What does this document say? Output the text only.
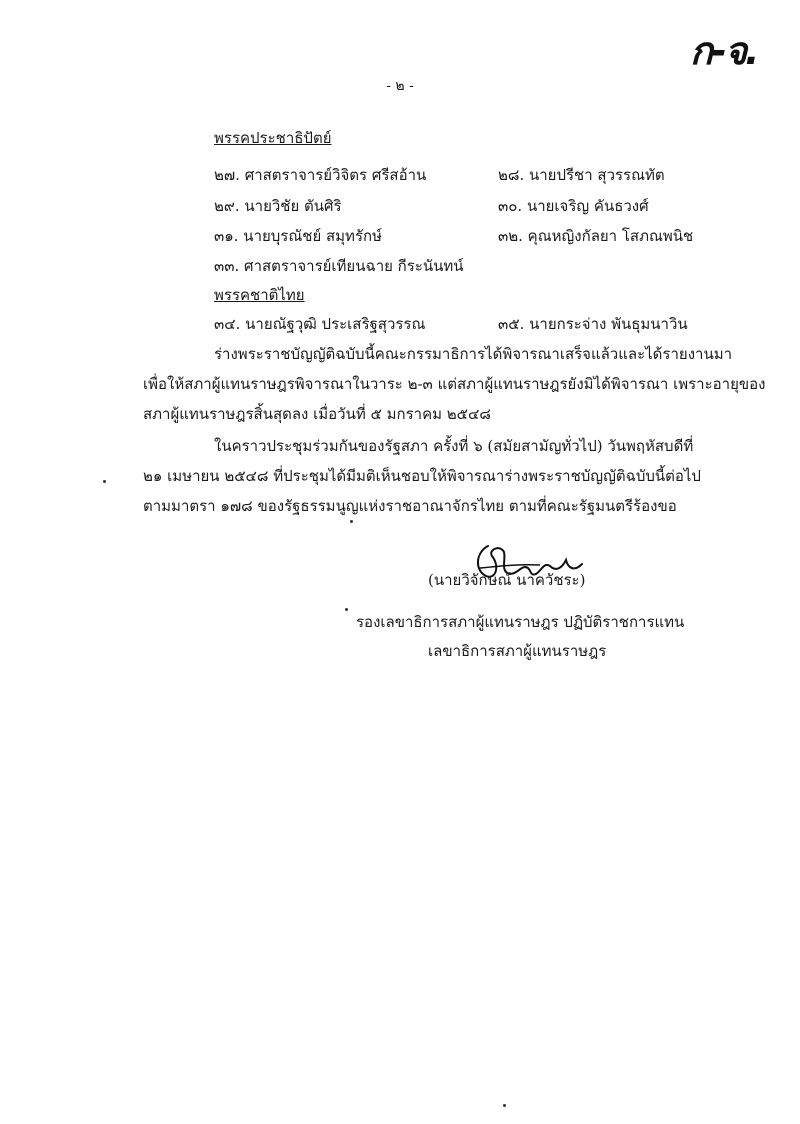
ก-จ.
- ๒ -
พรรคประชาธิปัตย์
๒๗. ศาสตราจารย์วิจิตร ศรีสอ้าน	๒๘. นายปรีชา สุวรรณทัต
๒๙. นายวิชัย ตันศิริ	๓๐. นายเจริญ คันธวงศ์
๓๑. นายบุรณัชย์ สมุทรักษ์	๓๒. คุณหญิงกัลยา โสภณพนิช
๓๓. ศาสตราจารย์เทียนฉาย กีระนันทน์
พรรคชาติไทย
๓๔. นายณัฐวุฒิ ประเสริฐสุวรรณ	๓๕. นายกระจ่าง พันธุมนาวิน
ร่างพระราชบัญญัติฉบับนี้คณะกรรมาธิการได้พิจารณาเสร็จแล้วและได้รายงานมา
เพื่อให้สภาผู้แทนราษฎรพิจารณาในวาระ ๒-๓ แต่สภาผู้แทนราษฎรยังมิได้พิจารณา เพราะอายุของ
สภาผู้แทนราษฎรสิ้นสุดลง เมื่อวันที่ ๕ มกราคม ๒๕๔๘
ในคราวประชุมร่วมกันของรัฐสภา ครั้งที่ ๖ (สมัยสามัญทั่วไป) วันพฤหัสบดีที่
๒๑ เมษายน ๒๕๔๘ ที่ประชุมได้มีมติเห็นชอบให้พิจารณาร่างพระราชบัญญัติฉบับนี้ต่อไป
ตามมาตรา ๑๗๘ ของรัฐธรรมนูญแห่งราชอาณาจักรไทย ตามที่คณะรัฐมนตรีร้องขอ
(นายวิจักษณ์ นาควัชระ)
รองเลขาธิการสภาผู้แทนราษฎร ปฏิบัติราชการแทน
เลขาธิการสภาผู้แทนราษฎร
